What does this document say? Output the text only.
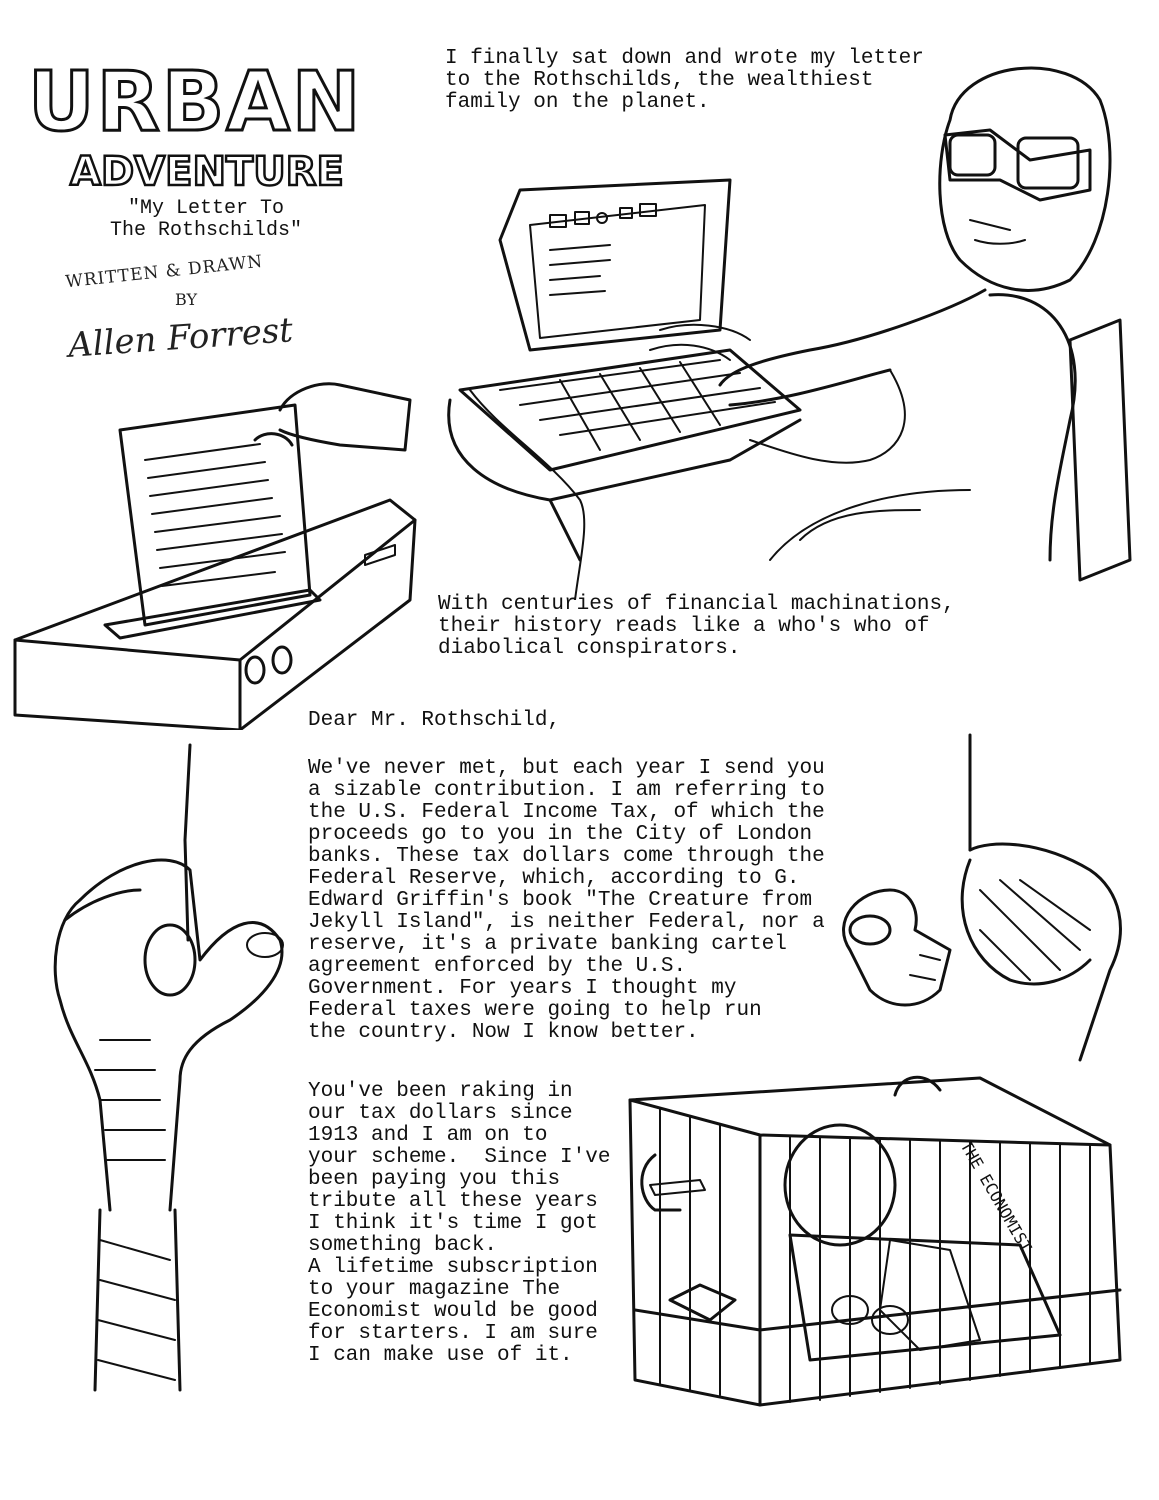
URBAN
ADVENTURE

"My Letter To
The Rothschilds"

WRITTEN & DRAWN
BY
Allen Forrest

I finally sat down and wrote my letter
to the Rothschilds, the wealthiest
family on the planet.

With centuries of financial machinations,
their history reads like a who's who of
diabolical conspirators.

Dear Mr. Rothschild,

We've never met, but each year I send you
a sizable contribution. I am referring to
the U.S. Federal Income Tax, of which the
proceeds go to you in the City of London
banks. These tax dollars come through the
Federal Reserve, which, according to G.
Edward Griffin's book "The Creature from
Jekyll Island", is neither Federal, nor a
reserve, it's a private banking cartel
agreement enforced by the U.S.
Government. For years I thought my
Federal taxes were going to help run
the country. Now I know better.

You've been raking in
our tax dollars since
1913 and I am on to
your scheme.  Since I've
been paying you this
tribute all these years
I think it's time I got
something back.
A lifetime subscription
to your magazine The
Economist would be good
for starters. I am sure
I can make use of it.

THE ECONOMIST
